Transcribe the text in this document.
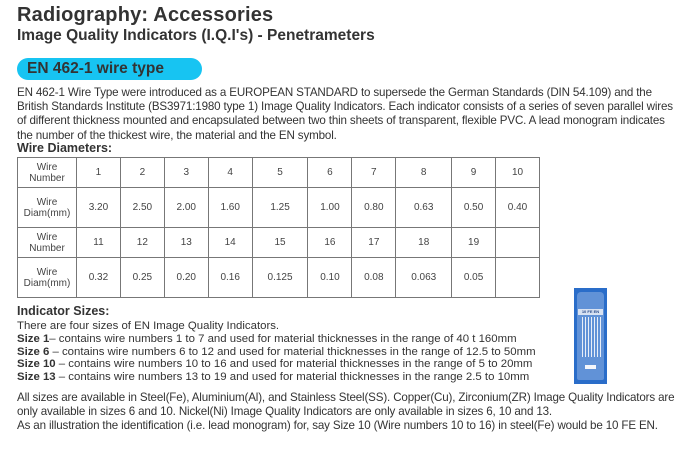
Radiography: Accessories
Image Quality Indicators (I.Q.I's) - Penetrameters
EN 462-1 wire type

EN 462-1 Wire Type were introduced as a EUROPEAN STANDARD to supersede the German Standards (DIN 54.109) and the British Standards Institute (BS3971:1980 type 1) Image Quality Indicators. Each indicator consists of a series of seven parallel wires of different thickness mounted and encapsulated between two thin sheets of transparent, flexible PVC. A lead monogram indicates the number of the thickest wire, the material and the EN symbol.

Wire Diameters:
Wire
Number	1	2	3	4	5	6	7	8	9	10
Wire
Diam(mm)	3.20	2.50	2.00	1.60	1.25	1.00	0.80	0.63	0.50	0.40
Wire
Number	11	12	13	14	15	16	17	18	19	
Wire
Diam(mm)	0.32	0.25	0.20	0.16	0.125	0.10	0.08	0.063	0.05	
Indicator Sizes:
There are four sizes of EN Image Quality Indicators.
Size 1– contains wire numbers 1 to 7 and used for material thicknesses in the range of 40 t 160mm
Size 6 – contains wire numbers 6 to 12 and used for material thicknesses in the range of 12.5 to 50mm
Size 10 – contains wire numbers 10 to 16 and used for material thicknesses in the range of 5 to 20mm
Size 13 – contains wire numbers 13 to 19 and used for material thicknesses in the range 2.5 to 10mm
All sizes are available in Steel(Fe), Aluminium(Al), and Stainless Steel(SS). Copper(Cu), Zirconium(ZR) Image Quality Indicators are only available in sizes 6 and 10. Nickel(Ni) Image Quality Indicators are only available in sizes 6, 10 and 13.
As an illustration the identification (i.e. lead monogram) for, say Size 10 (Wire numbers 10 to 16) in steel(Fe) would be 10 FE EN.
10 FE EN
